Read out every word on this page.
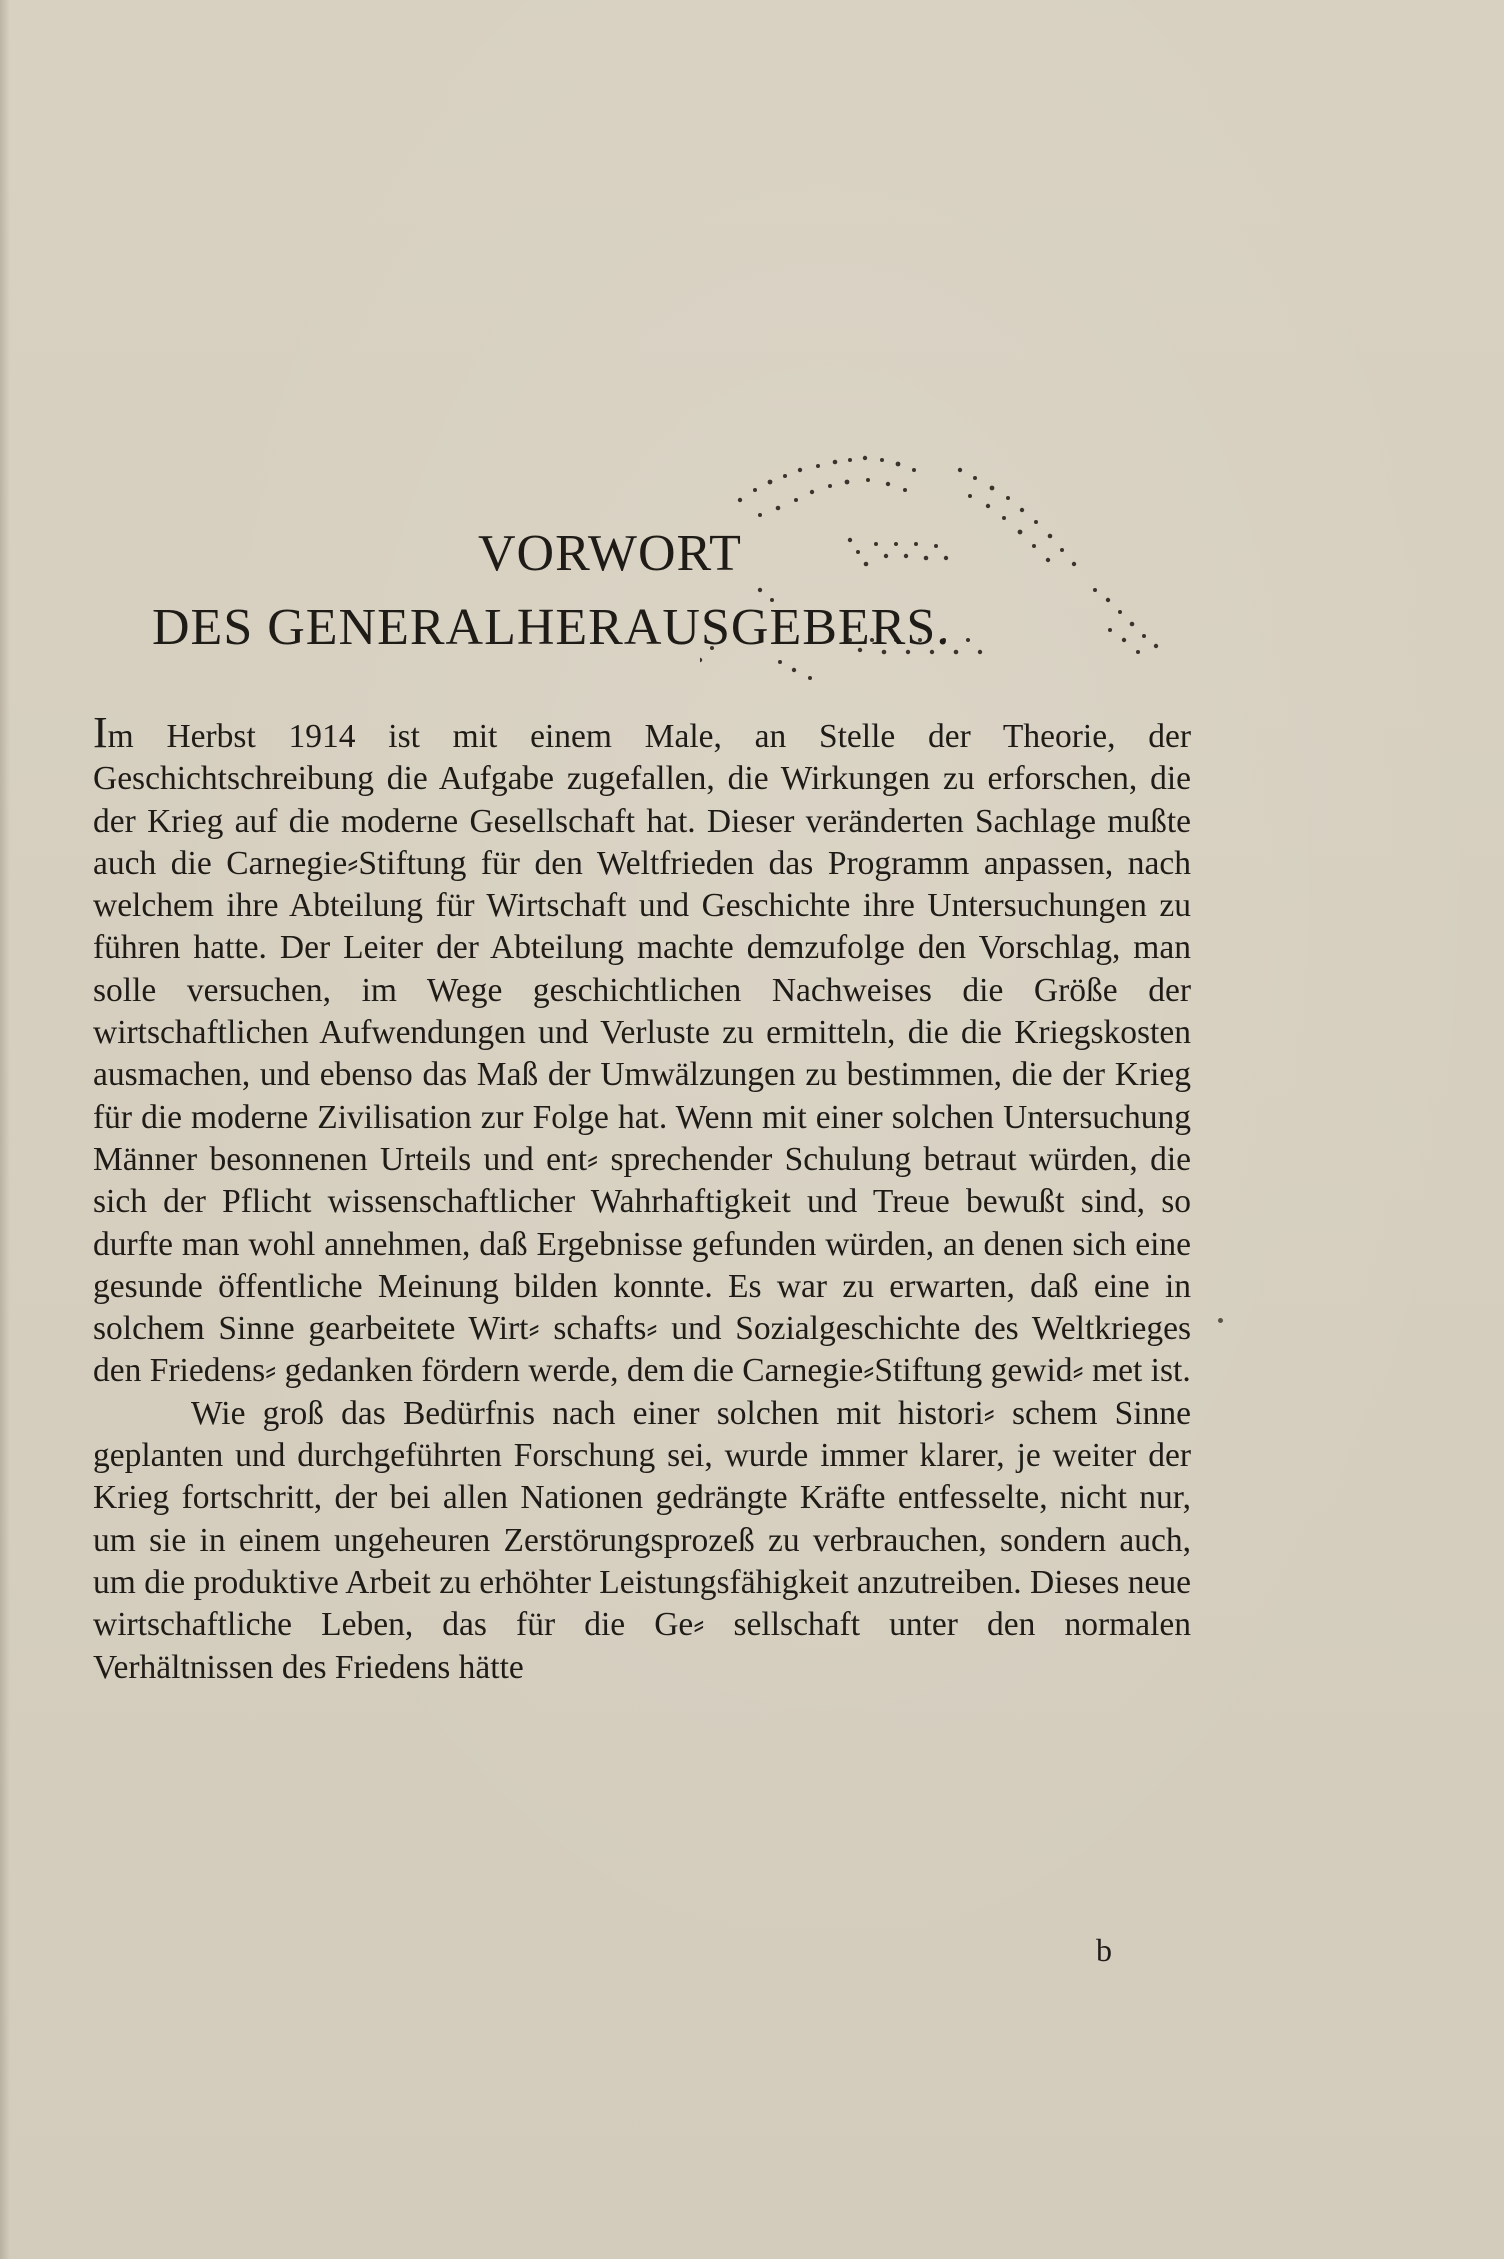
VORWORT
DES GENERALHERAUSGEBERS.

Im Herbst 1914 ist mit einem Male, an Stelle der Theorie, der Geschichtschreibung die Aufgabe zugefallen, die Wirkungen zu erforschen, die der Krieg auf die moderne Gesellschaft hat. Dieser veränderten Sachlage mußte auch die Carnegie⸗Stiftung für den Weltfrieden das Programm anpassen, nach welchem ihre Abteilung für Wirtschaft und Geschichte ihre Untersuchungen zu führen hatte. Der Leiter der Abteilung machte demzufolge den Vorschlag, man solle versuchen, im Wege geschichtlichen Nachweises die Größe der wirtschaftlichen Aufwendungen und Verluste zu ermitteln, die die Kriegskosten ausmachen, und ebenso das Maß der Umwälzungen zu bestimmen, die der Krieg für die moderne Zivilisation zur Folge hat. Wenn mit einer solchen Untersuchung Männer besonnenen Urteils und ent⸗ sprechender Schulung betraut würden, die sich der Pflicht wissenschaftlicher Wahrhaftigkeit und Treue bewußt sind, so durfte man wohl annehmen, daß Ergebnisse gefunden würden, an denen sich eine gesunde öffentliche Meinung bilden konnte. Es war zu erwarten, daß eine in solchem Sinne gearbeitete Wirt⸗ schafts⸗ und Sozialgeschichte des Weltkrieges den Friedens⸗ gedanken fördern werde, dem die Carnegie⸗Stiftung gewid⸗ met ist.

Wie groß das Bedürfnis nach einer solchen mit histori⸗ schem Sinne geplanten und durchgeführten Forschung sei, wurde immer klarer, je weiter der Krieg fortschritt, der bei allen Nationen gedrängte Kräfte entfesselte, nicht nur, um sie in einem ungeheuren Zerstörungsprozeß zu verbrauchen, sondern auch, um die produktive Arbeit zu erhöhter Leistungsfähigkeit anzutreiben. Dieses neue wirtschaftliche Leben, das für die Ge⸗ sellschaft unter den normalen Verhältnissen des Friedens hätte

b
